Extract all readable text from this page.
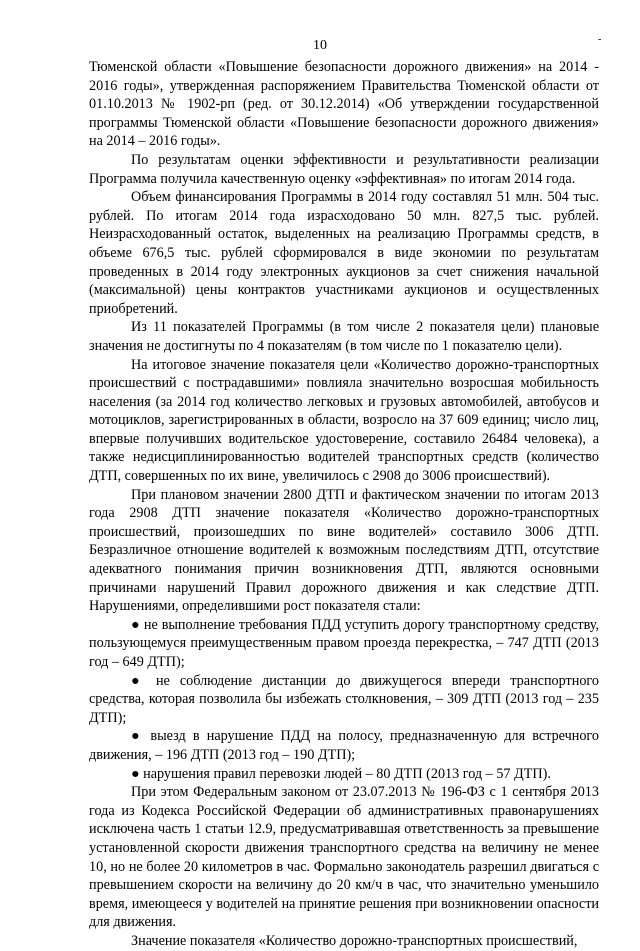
10	-

Тюменской области «Повышение безопасности дорожного движения» на 2014 - 2016 годы», утвержденная распоряжением Правительства Тюменской области от 01.10.2013 № 1902-рп (ред. от 30.12.2014) «Об утверждении государственной программы Тюменской области «Повышение безопасности дорожного движения» на 2014 – 2016 годы».

По результатам оценки эффективности и результативности реализации Программа получила качественную оценку «эффективная» по итогам 2014 года.

Объем финансирования Программы в 2014 году составлял 51 млн. 504 тыс. рублей. По итогам 2014 года израсходовано 50 млн. 827,5 тыс. рублей. Неизрасходованный остаток, выделенных на реализацию Программы средств, в объеме 676,5 тыс. рублей сформировался в виде экономии по результатам проведенных в 2014 году электронных аукционов за счет снижения начальной (максимальной) цены контрактов участниками аукционов и осуществленных приобретений.

Из 11 показателей Программы (в том числе 2 показателя цели) плановые значения не достигнуты по 4 показателям (в том числе по 1 показателю цели).

На итоговое значение показателя цели «Количество дорожно-транспортных происшествий с пострадавшими» повлияла значительно возросшая мобильность населения (за 2014 год количество легковых и грузовых автомобилей, автобусов и мотоциклов, зарегистрированных в области, возросло на 37 609 единиц; число лиц, впервые получивших водительское удостоверение, составило 26484 человека), а также недисциплинированностью водителей транспортных средств (количество ДТП, совершенных по их вине, увеличилось с 2908 до 3006 происшествий).

При плановом значении 2800 ДТП и фактическом значении по итогам 2013 года 2908 ДТП значение показателя «Количество дорожно-транспортных происшествий, произошедших по вине водителей» составило 3006 ДТП. Безразличное отношение водителей к возможным последствиям ДТП, отсутствие адекватного понимания причин возникновения ДТП, являются основными причинами нарушений Правил дорожного движения и как следствие ДТП. Нарушениями, определившими рост показателя стали:

● не выполнение требования ПДД уступить дорогу транспортному средству, пользующемуся преимущественным правом проезда перекрестка, – 747 ДТП (2013 год – 649 ДТП);

● не соблюдение дистанции до движущегося впереди транспортного средства, которая позволила бы избежать столкновения, – 309 ДТП (2013 год – 235 ДТП);

● выезд в нарушение ПДД на полосу, предназначенную для встречного движения, – 196 ДТП (2013 год – 190 ДТП);

● нарушения правил перевозки людей – 80 ДТП (2013 год – 57 ДТП).

При этом Федеральным законом от 23.07.2013 № 196-ФЗ с 1 сентября 2013 года из Кодекса Российской Федерации об административных правонарушениях исключена часть 1 статьи 12.9, предусматривавшая ответственность за превышение установленной скорости движения транспортного средства на величину не менее 10, но не более 20 километров в час. Формально законодатель разрешил двигаться с превышением скорости на величину до 20 км/ч в час, что значительно уменьшило время, имеющееся у водителей на принятие решения при возникновении опасности для движения.

Значение показателя «Количество дорожно-транспортных происшествий,
